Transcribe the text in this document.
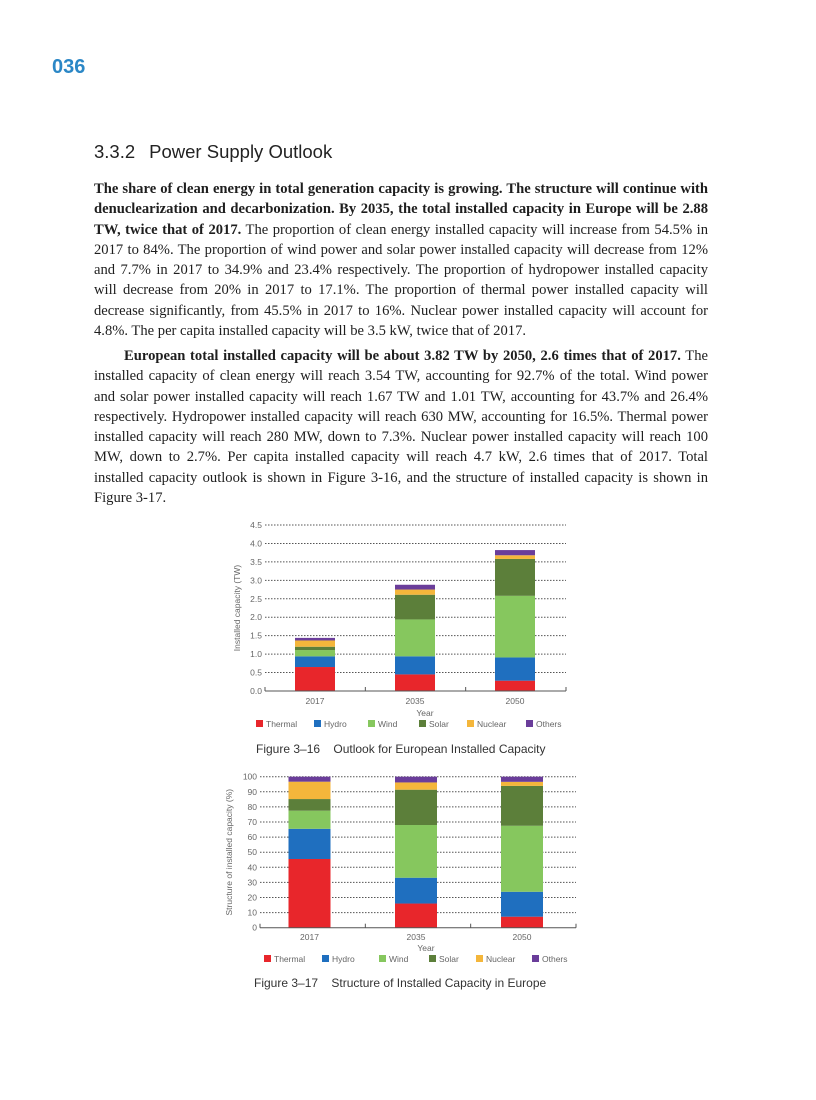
036
3.3.2 Power Supply Outlook
The share of clean energy in total generation capacity is growing. The structure will continue with denuclearization and decarbonization. By 2035, the total installed capacity in Europe will be 2.88 TW, twice that of 2017. The proportion of clean energy installed capacity will increase from 54.5% in 2017 to 84%. The proportion of wind power and solar power installed capacity will decrease from 12% and 7.7% in 2017 to 34.9% and 23.4% respectively. The proportion of hydropower installed capacity will decrease from 20% in 2017 to 17.1%. The proportion of thermal power installed capacity will decrease significantly, from 45.5% in 2017 to 16%. Nuclear power installed capacity will account for 4.8%. The per capita installed capacity will be 3.5 kW, twice that of 2017.
European total installed capacity will be about 3.82 TW by 2050, 2.6 times that of 2017. The installed capacity of clean energy will reach 3.54 TW, accounting for 92.7% of the total. Wind power and solar power installed capacity will reach 1.67 TW and 1.01 TW, accounting for 43.7% and 26.4% respectively. Hydropower installed capacity will reach 630 MW, accounting for 16.5%. Thermal power installed capacity will reach 280 MW, down to 7.3%. Nuclear power installed capacity will reach 100 MW, down to 2.7%. Per capita installed capacity will reach 4.7 kW, 2.6 times that of 2017. Total installed capacity outlook is shown in Figure 3-16, and the structure of installed capacity is shown in Figure 3-17.
0.0
0.5
1.0
1.5
2.0
2.5
3.0
3.5
4.0
4.5
Installed capacity (TW)
2017	2035	2050
Year
Thermal	Hydro	Wind	Solar	Nuclear	Others
0
10
20
30
40
50
60
70
80
90
100
Structure of installed capacity (%)
2017	2035	2050
Year
Thermal	Hydro	Wind	Solar	Nuclear	Others
Figure 3–16    Outlook for European Installed Capacity
Figure 3–17    Structure of Installed Capacity in Europe
